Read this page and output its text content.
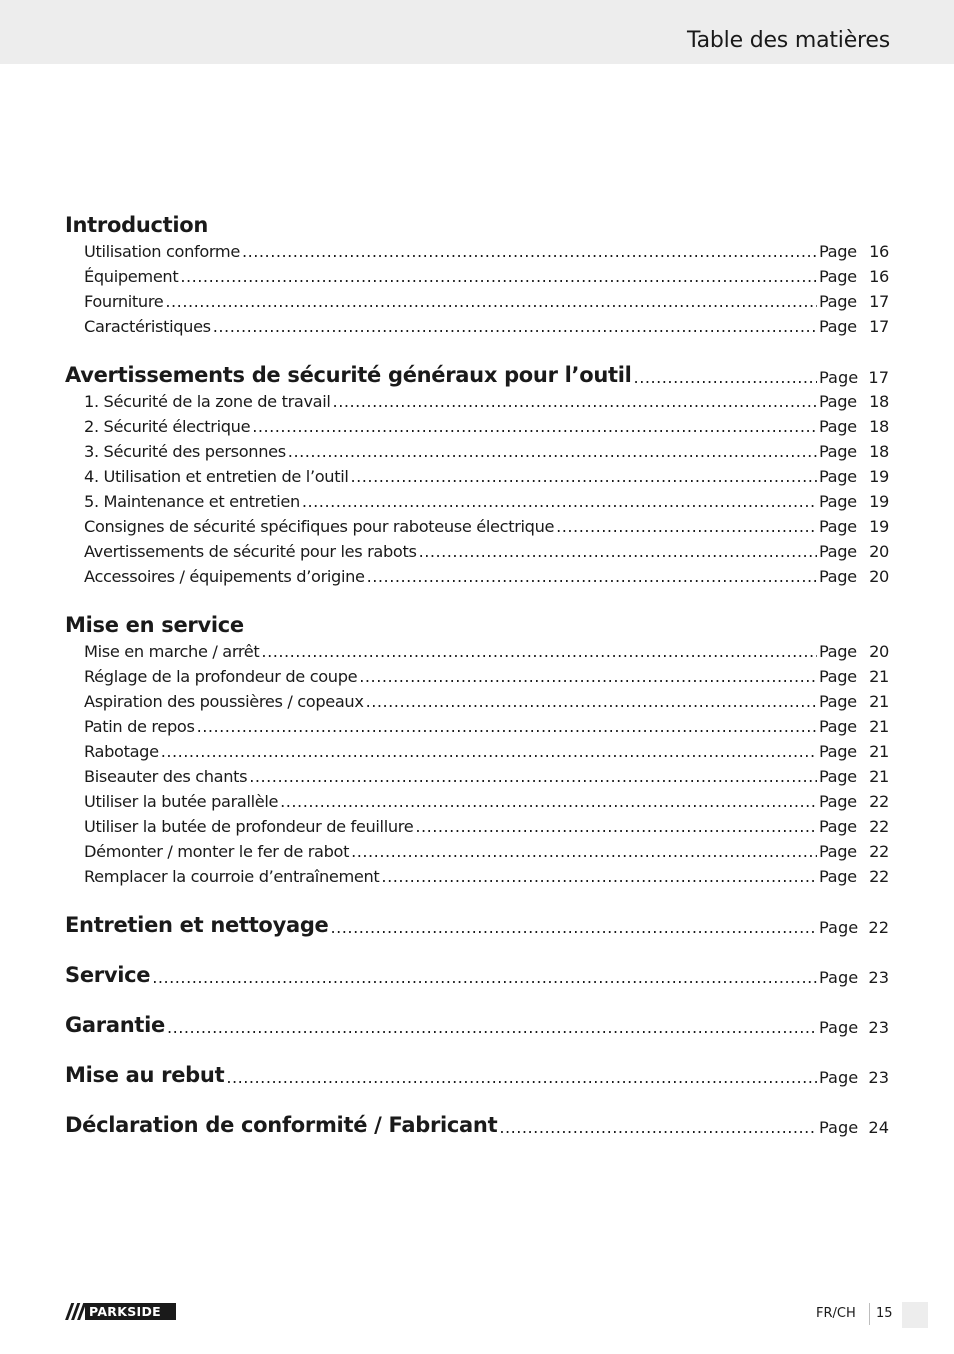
Table des matières
Introduction
Utilisation conforme .....	Page 16
Équipement .....	Page 16
Fourniture .....	Page 17
Caractéristiques .....	Page 17
Avertissements de sécurité généraux pour l’outil .....	Page 17
1. Sécurité de la zone de travail .....	Page 18
2. Sécurité électrique .....	Page 18
3. Sécurité des personnes .....	Page 18
4. Utilisation et entretien de l’outil .....	Page 19
5. Maintenance et entretien .....	Page 19
Consignes de sécurité spécifiques pour raboteuse électrique .....	Page 19
Avertissements de sécurité pour les rabots .....	Page 20
Accessoires / équipements d’origine .....	Page 20
Mise en service
Mise en marche / arrêt .....	Page 20
Réglage de la profondeur de coupe .....	Page 21
Aspiration des poussières / copeaux .....	Page 21
Patin de repos .....	Page 21
Rabotage .....	Page 21
Biseauter des chants .....	Page 21
Utiliser la butée parallèle .....	Page 22
Utiliser la butée de profondeur de feuillure .....	Page 22
Démonter / monter le fer de rabot .....	Page 22
Remplacer la courroie d’entraînement .....	Page 22
Entretien et nettoyage .....	Page 22
Service .....	Page 23
Garantie .....	Page 23
Mise au rebut .....	Page 23
Déclaration de conformité / Fabricant .....	Page 24
PARKSIDE	FR/CH 15
